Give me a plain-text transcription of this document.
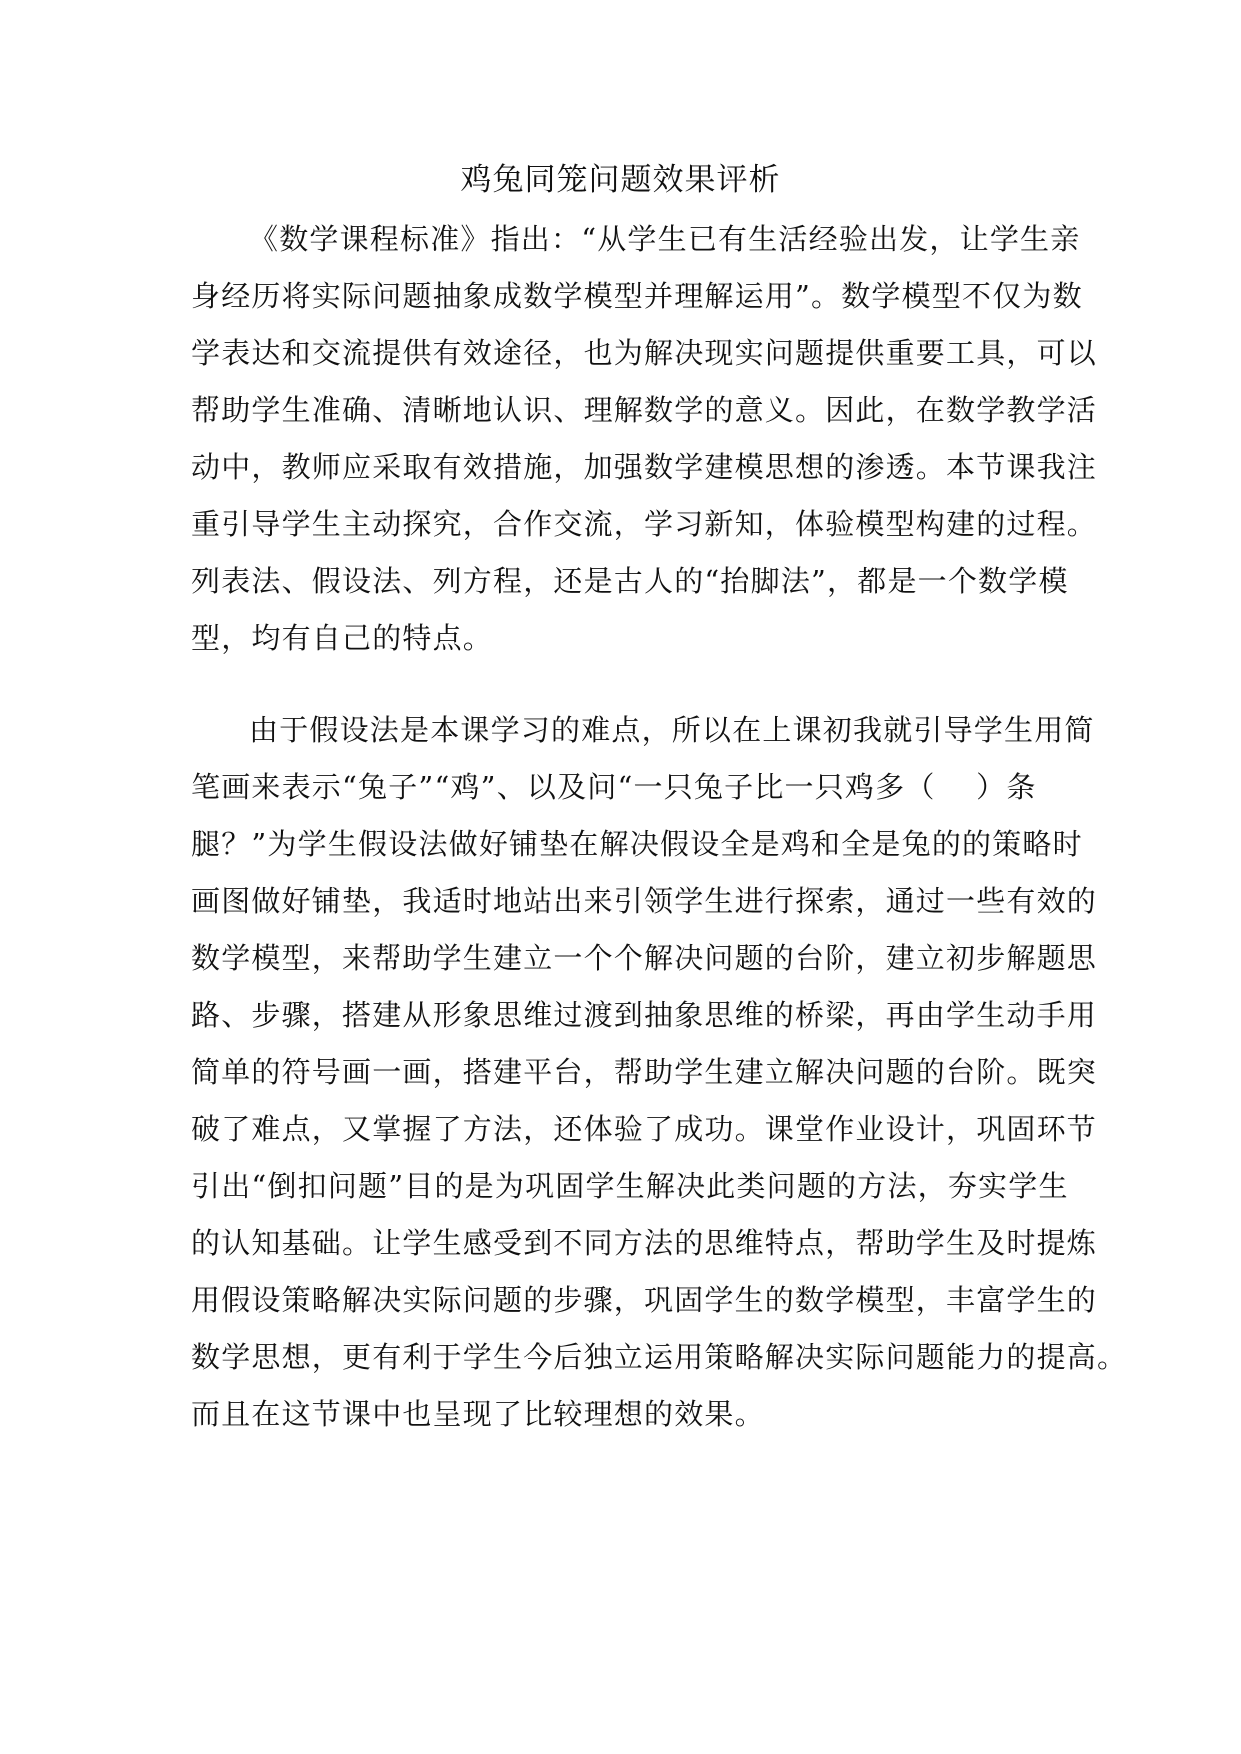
鸡兔同笼问题效果评析

《数学课程标准》指出：“从学生已有生活经验出发，让学生亲

身经历将实际问题抽象成数学模型并理解运用”。数学模型不仅为数

学表达和交流提供有效途径，也为解决现实问题提供重要工具，可以

帮助学生准确、清晰地认识、理解数学的意义。因此，在数学教学活

动中，教师应采取有效措施，加强数学建模思想的渗透。本节课我注

重引导学生主动探究，合作交流，学习新知，体验模型构建的过程。

列表法、假设法、列方程，还是古人的“抬脚法”，都是一个数学模

型，均有自己的特点。

由于假设法是本课学习的难点，所以在上课初我就引导学生用简

笔画来表示“兔子”“鸡”、以及问“一只兔子比一只鸡多（　 ）条

腿？”为学生假设法做好铺垫在解决假设全是鸡和全是兔的的策略时

画图做好铺垫，我适时地站出来引领学生进行探索，通过一些有效的

数学模型，来帮助学生建立一个个解决问题的台阶，建立初步解题思

路、步骤，搭建从形象思维过渡到抽象思维的桥梁，再由学生动手用

简单的符号画一画，搭建平台，帮助学生建立解决问题的台阶。既突

破了难点，又掌握了方法，还体验了成功。课堂作业设计，巩固环节

引出“倒扣问题”目的是为巩固学生解决此类问题的方法，夯实学生

的认知基础。让学生感受到不同方法的思维特点，帮助学生及时提炼

用假设策略解决实际问题的步骤，巩固学生的数学模型，丰富学生的

数学思想，更有利于学生今后独立运用策略解决实际问题能力的提高。

而且在这节课中也呈现了比较理想的效果。
